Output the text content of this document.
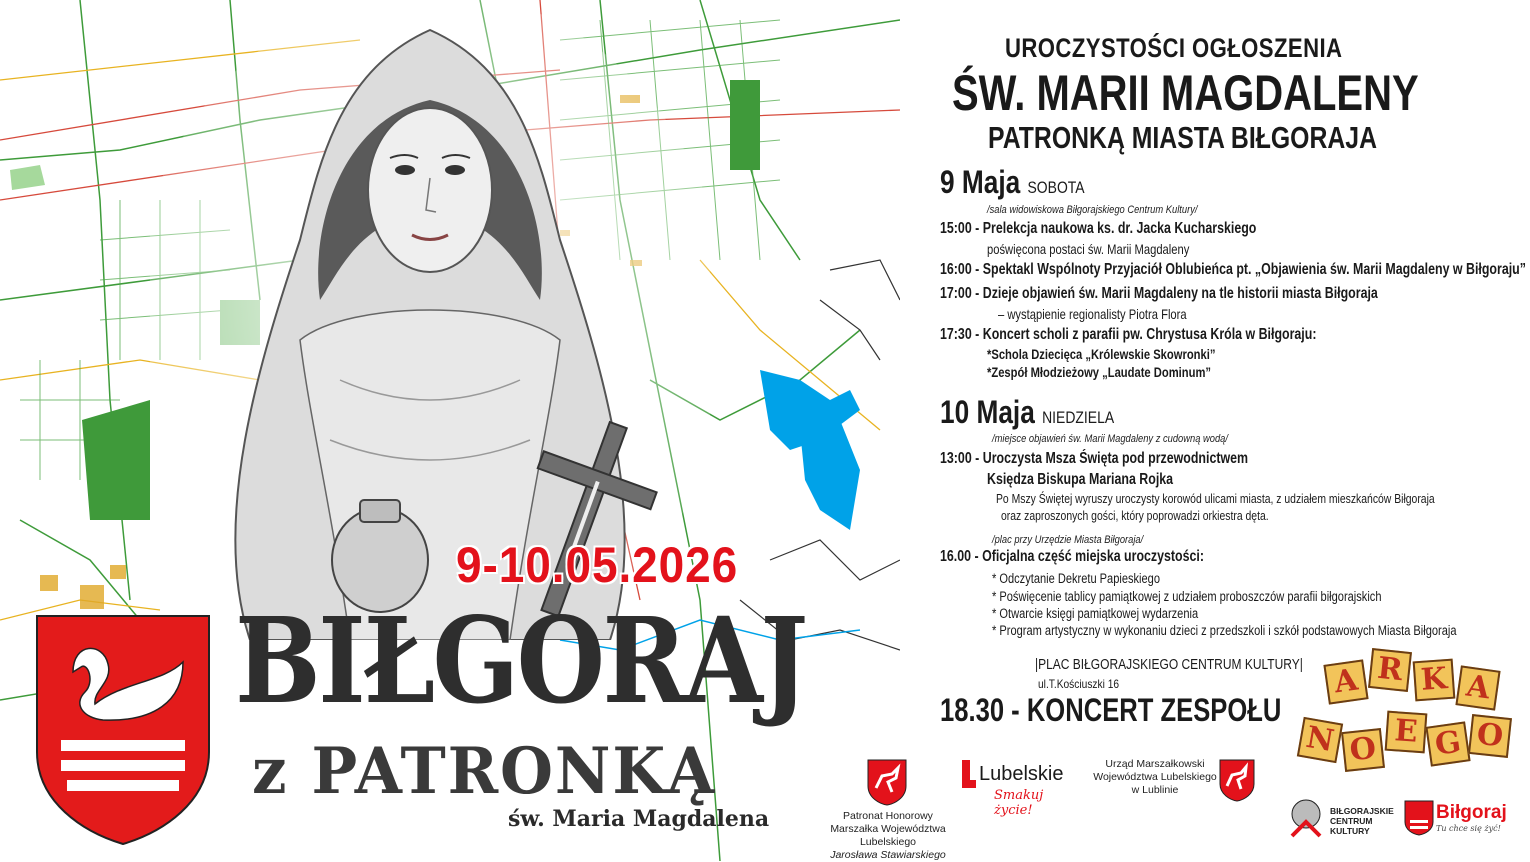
9-10.05.2026
BIŁGORAJ
z PATRONKĄ
św. Maria Magdalena
UROCZYSTOŚCI OGŁOSZENIA
ŚW. MARII MAGDALENY
PATRONKĄ MIASTA BIŁGORAJA
9 Maja SOBOTA
/sala widowiskowa Biłgorajskiego Centrum Kultury/
15:00 - Prelekcja naukowa ks. dr. Jacka Kucharskiego
poświęcona postaci św. Marii Magdaleny
16:00 - Spektakl Wspólnoty Przyjaciół Oblubieńca pt. „Objawienia św. Marii Magdaleny w Biłgoraju”
17:00 - Dzieje objawień św. Marii Magdaleny na tle historii miasta Biłgoraja
– wystąpienie regionalisty Piotra Flora
17:30 - Koncert scholi z parafii pw. Chrystusa Króla w Biłgoraju:
*Schola Dziecięca „Królewskie Skowronki”
*Zespół Młodzieżowy „Laudate Dominum”
10 Maja NIEDZIELA
/miejsce objawień św. Marii Magdaleny z cudowną wodą/
13:00 - Uroczysta Msza Święta pod przewodnictwem
Księdza Biskupa Mariana Rojka
Po Mszy Świętej wyruszy uroczysty korowód ulicami miasta, z udziałem mieszkańców Biłgoraja
oraz zaproszonych gości, który poprowadzi orkiestra dęta.
/plac przy Urzędzie Miasta Biłgoraja/
16.00 - Oficjalna część miejska uroczystości:
* Odczytanie Dekretu Papieskiego
* Poświęcenie tablicy pamiątkowej z udziałem proboszczów parafii biłgorajskich
* Otwarcie księgi pamiątkowej wydarzenia
* Program artystyczny w wykonaniu dzieci z przedszkoli i szkół podstawowych Miasta Biłgoraja
|PLAC BIŁGORAJSKIEGO CENTRUM KULTURY|
ul.T.Kościuszki 16
18.30 - KONCERT ZESPOŁU
A R K A
N O E G O
Patronat Honorowy
Marszałka Województwa Lubelskiego
Jarosława Stawiarskiego
Lubelskie
Smakuj życie!
Urząd Marszałkowski
Województwa Lubelskiego
w Lublinie
BIŁGORAJSKIE
CENTRUM
KULTURY
Biłgoraj
Tu chce się żyć!
